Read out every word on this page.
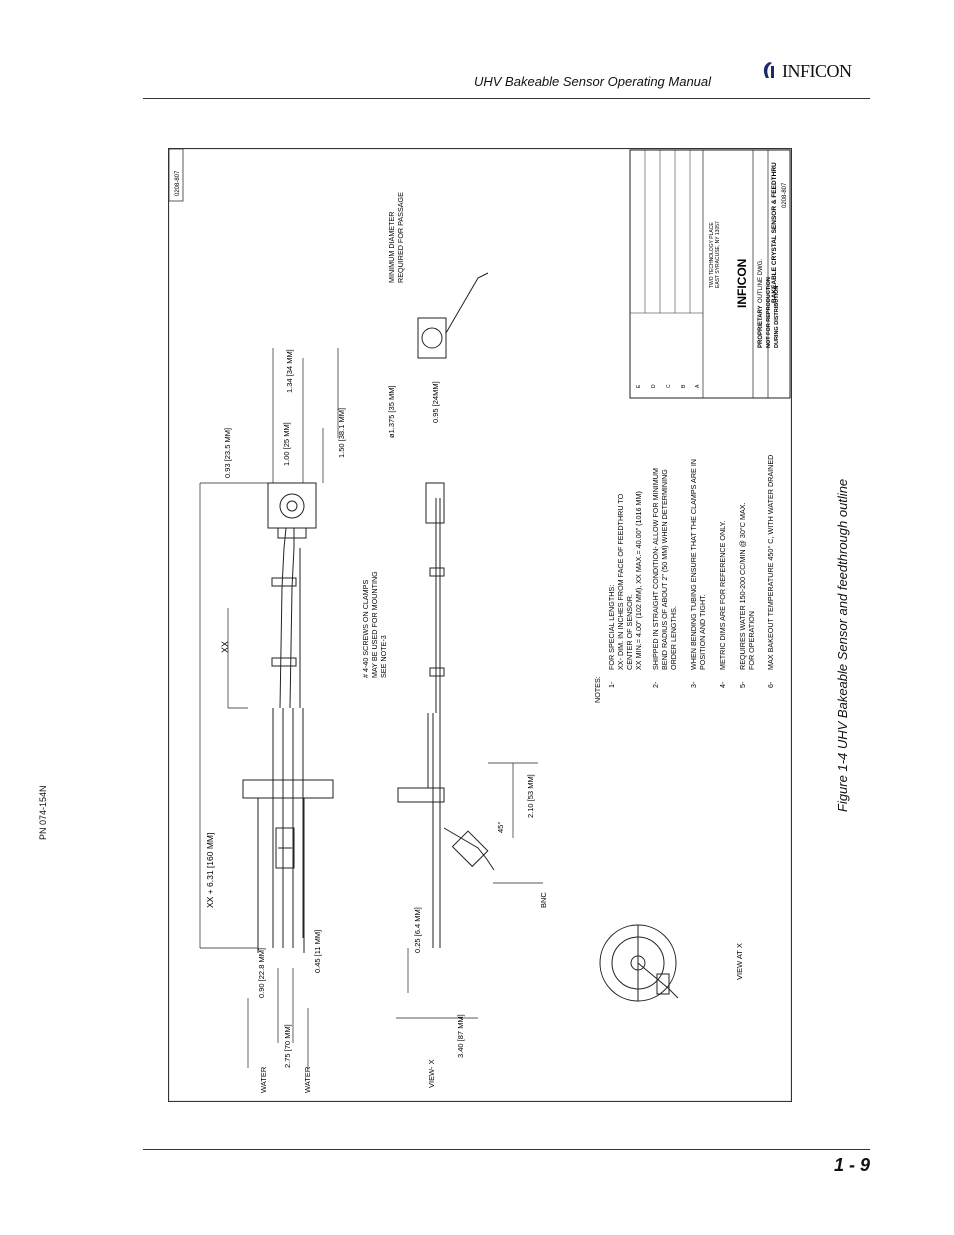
UHV Bakeable Sensor Operating Manual
INFICON
PN 074-154N
0208-807
XX + 6.31 [160 MM]
XX
0.93 [23.5 MM]	1.00 [25 MM]
1.34 [34 MM]
1.50 [38.1 MM]
0.90 [22.8 MM]	0.45 [11 MM]
2.75 [70 MM]
WATER	WATER
0.25 [6.4 MM]
3.40 [87 MM]
VIEW- X
2.10 [53 MM]
45°
BNC
# 4-40 SCREWS ON CLAMPS MAY BE USED FOR MOUNTING SEE NOTE-3
ø1.375 [35 MM]	0.95 [24MM]
MINIMUM DIAMETER REQUIRED FOR PASSAGE
VIEW AT X
NOTES: 1-
FOR SPECIAL LENGTHS: XX- DIM. IN INCHES FROM FACE OF FEEDTHRU TO CENTER OF SENSOR. XX MIN.= 4.00" (102 MM), XX MAX.= 40.00" (1016 MM)
2-
SHIPPED IN STRAIGHT CONDITION- ALLOW FOR MINIMUM BEND RADIUS OF ABOUT 2" (50 MM) WHEN DETERMINING ORDER LENGTHS.
3-
WHEN BENDING TUBING ENSURE THAT THE CLAMPS ARE IN POSITION AND TIGHT.
4-
METRIC DIMS ARE FOR REFERENCE ONLY.
5-
REQUIRES WATER 150-200 CC/MIN @ 30°C MAX. FOR OPERATION
6-
MAX BAKEOUT TEMPERATURE 450° C, WITH WATER DRAINED
E D C B A
INFICON
TWO TECHNOLOGY PLACE EAST SYRACUSE, NY 13057
PROPRIETARY NOT FOR REPRODUCTION DURING DISTRIBUTION
OUTLINE DWG. BAKEABLE CRYSTAL SENSOR & FEEDTHRU 0208-807
Figure 1-4 UHV Bakeable Sensor and feedthrough outline
1 - 9
